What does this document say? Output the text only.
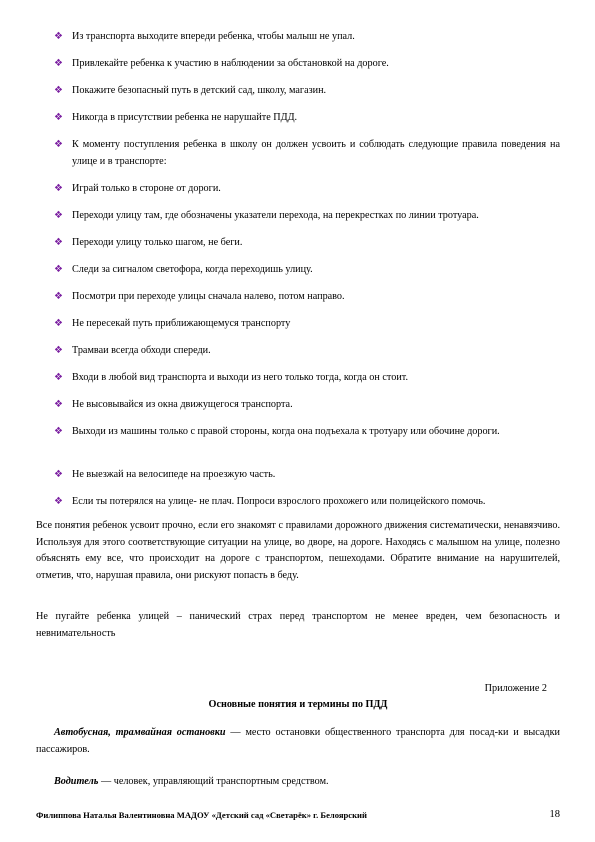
❖ Из транспорта выходите впереди ребенка, чтобы малыш не упал.
❖ Привлекайте ребенка к участию в наблюдении за обстановкой на дороге.
❖ Покажите безопасный путь в детский сад, школу, магазин.
❖ Никогда в присутствии ребенка не нарушайте ПДД.
❖ К моменту поступления ребенка в школу он должен усвоить и соблюдать следующие правила поведения на улице и в транспорте:
❖ Играй только в стороне от дороги.
❖ Переходи улицу там, где обозначены указатели перехода, на перекрестках по линии тротуара.
❖ Переходи улицу только шагом, не беги.
❖ Следи за сигналом светофора, когда переходишь улицу.
❖ Посмотри при переходе улицы сначала налево, потом направо.
❖ Не пересекай путь приближающемуся транспорту
❖ Трамваи всегда обходи спереди.
❖ Входи в любой вид транспорта и выходи из него только тогда, когда он стоит.
❖ Не высовывайся из окна движущегося транспорта.
❖ Выходи из машины только с правой стороны, когда она подъехала к тротуару или обочине дороги.
❖ Не выезжай на велосипеде на проезжую часть.
❖ Если ты потерялся на улице- не плач. Попроси взрослого прохожего или полицейского помочь.
Все понятия ребенок усвоит прочно, если его знакомят с правилами дорожного движения систематически, ненавязчиво. Используя для этого соответствующие ситуации на улице, во дворе, на дороге. Находясь с малышом на улице, полезно объяснять ему все, что происходит на дороге с транспортом, пешеходами. Обратите внимание на нарушителей, отметив, что, нарушая правила, они рискуют попасть в беду.
Не пугайте ребенка улицей – панический страх перед транспортом не менее вреден, чем безопасность и невнимательность
Приложение 2
Основные понятия и термины по ПДД
Автобусная, трамвайная остановки — место остановки общественного транспорта для посад-ки и высадки пассажиров.
Водитель — человек, управляющий транспортным средством.
Филиппова Наталья Валентиновна МАДОУ «Детский сад «Светарёк» г. Белоярский	18
